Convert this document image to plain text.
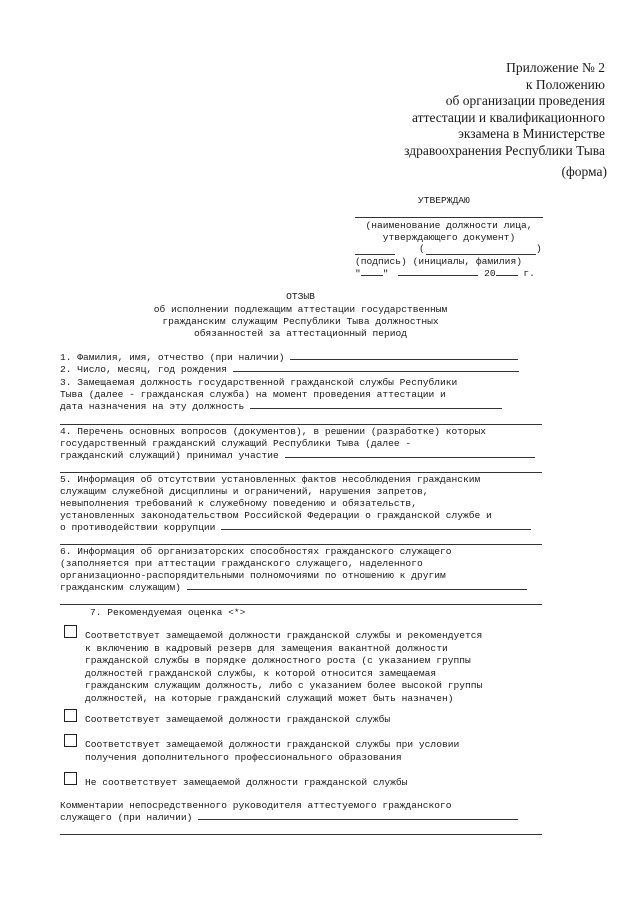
Приложение № 2
к Положению
об организации проведения
аттестации и квалификационного
экзамена в Министерстве
здравоохранения Республики Тыва
(форма)
УТВЕРЖДАЮ
(наименование должности лица,
утверждающего документ)
(	)
(подпись) (инициалы, фамилия)
" "	20	г.
ОТЗЫВ
об исполнении подлежащим аттестации государственным
гражданским служащим Республики Тыва должностных
обязанностей за аттестационный период
1. Фамилия, имя, отчество (при наличии)
2. Число, месяц, год рождения
3. Замещаемая должность государственной гражданской службы Республики
Тыва (далее - гражданская служба) на момент проведения аттестации и
дата назначения на эту должность
4. Перечень основных вопросов (документов), в решении (разработке) которых
государственный гражданский служащий Республики Тыва (далее -
гражданский служащий) принимал участие
5. Информация об отсутствии установленных фактов несоблюдения гражданским
служащим служебной дисциплины и ограничений, нарушения запретов,
невыполнения требований к служебному поведению и обязательств,
установленных законодательством Российской Федерации о гражданской службе и
о противодействии коррупции
6. Информация об организаторских способностях гражданского служащего
(заполняется при аттестации гражданского служащего, наделенного
организационно-распорядительными полномочиями по отношению к другим
гражданским служащим)
7. Рекомендуемая оценка <*>
Соответствует замещаемой должности гражданской службы и рекомендуется
к включению в кадровый резерв для замещения вакантной должности
гражданской службы в порядке должностного роста (с указанием группы
должностей гражданской службы, к которой относится замещаемая
гражданским служащим должность, либо с указанием более высокой группы
должностей, на которые гражданский служащий может быть назначен)
Соответствует замещаемой должности гражданской службы
Соответствует замещаемой должности гражданской службы при условии
получения дополнительного профессионального образования
Не соответствует замещаемой должности гражданской службы
Комментарии непосредственного руководителя аттестуемого гражданского
служащего (при наличии)
